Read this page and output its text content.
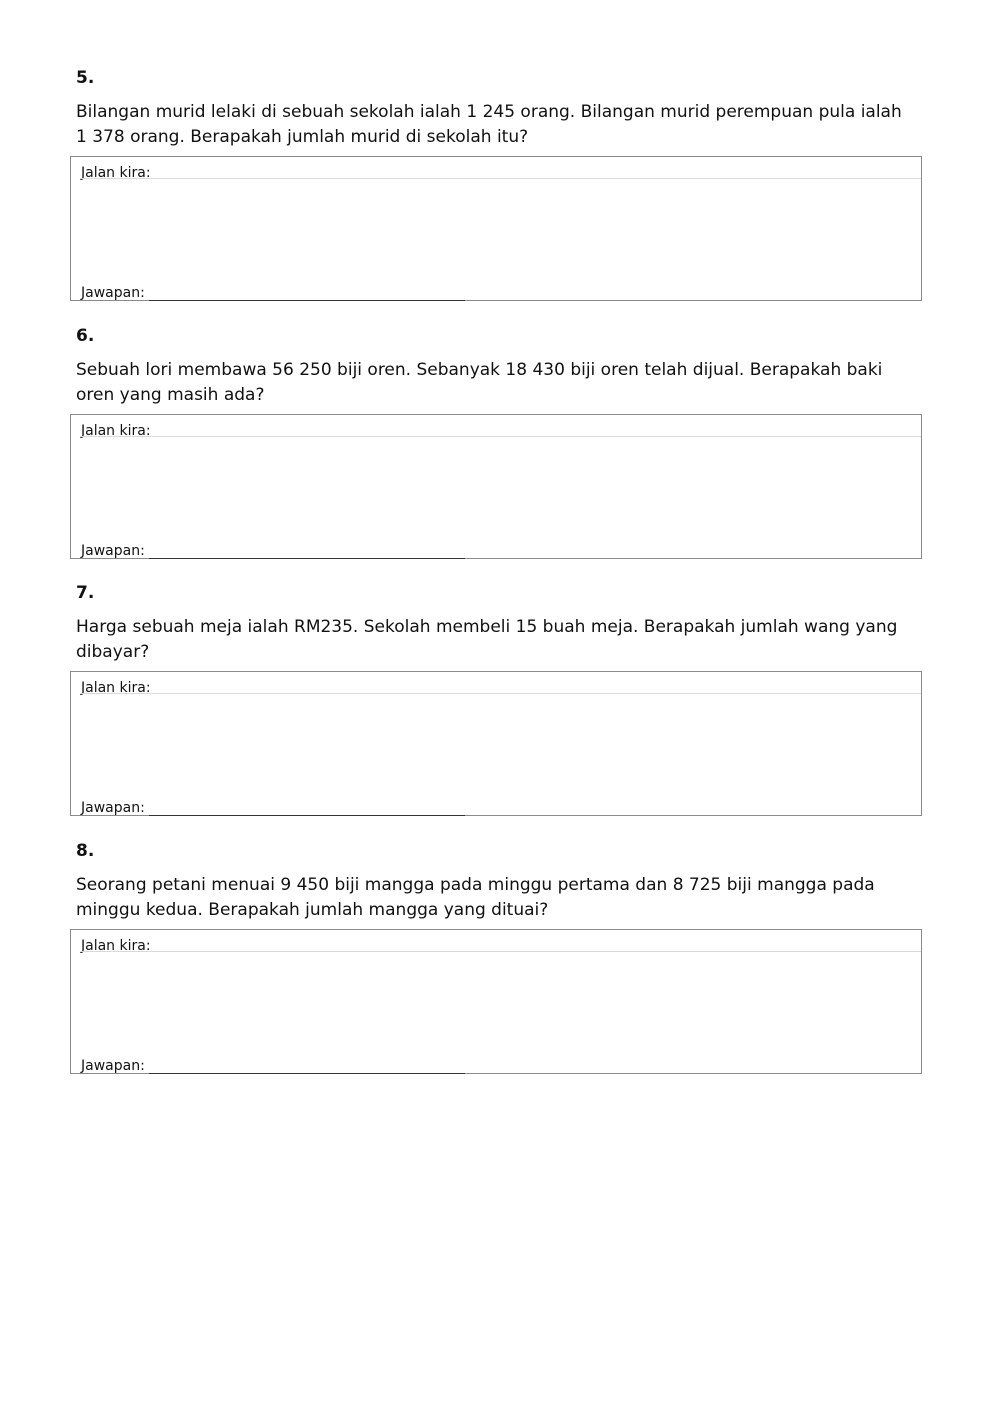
5.
Bilangan murid lelaki di sebuah sekolah ialah 1 245 orang. Bilangan murid perempuan pula ialah 1 378 orang. Berapakah jumlah murid di sekolah itu?
Jalan kira:
Jawapan:
6.
Sebuah lori membawa 56 250 biji oren. Sebanyak 18 430 biji oren telah dijual. Berapakah baki oren yang masih ada?
Jalan kira:
Jawapan:
7.
Harga sebuah meja ialah RM235. Sekolah membeli 15 buah meja. Berapakah jumlah wang yang dibayar?
Jalan kira:
Jawapan:
8.
Seorang petani menuai 9 450 biji mangga pada minggu pertama dan 8 725 biji mangga pada minggu kedua. Berapakah jumlah mangga yang dituai?
Jalan kira:
Jawapan:
